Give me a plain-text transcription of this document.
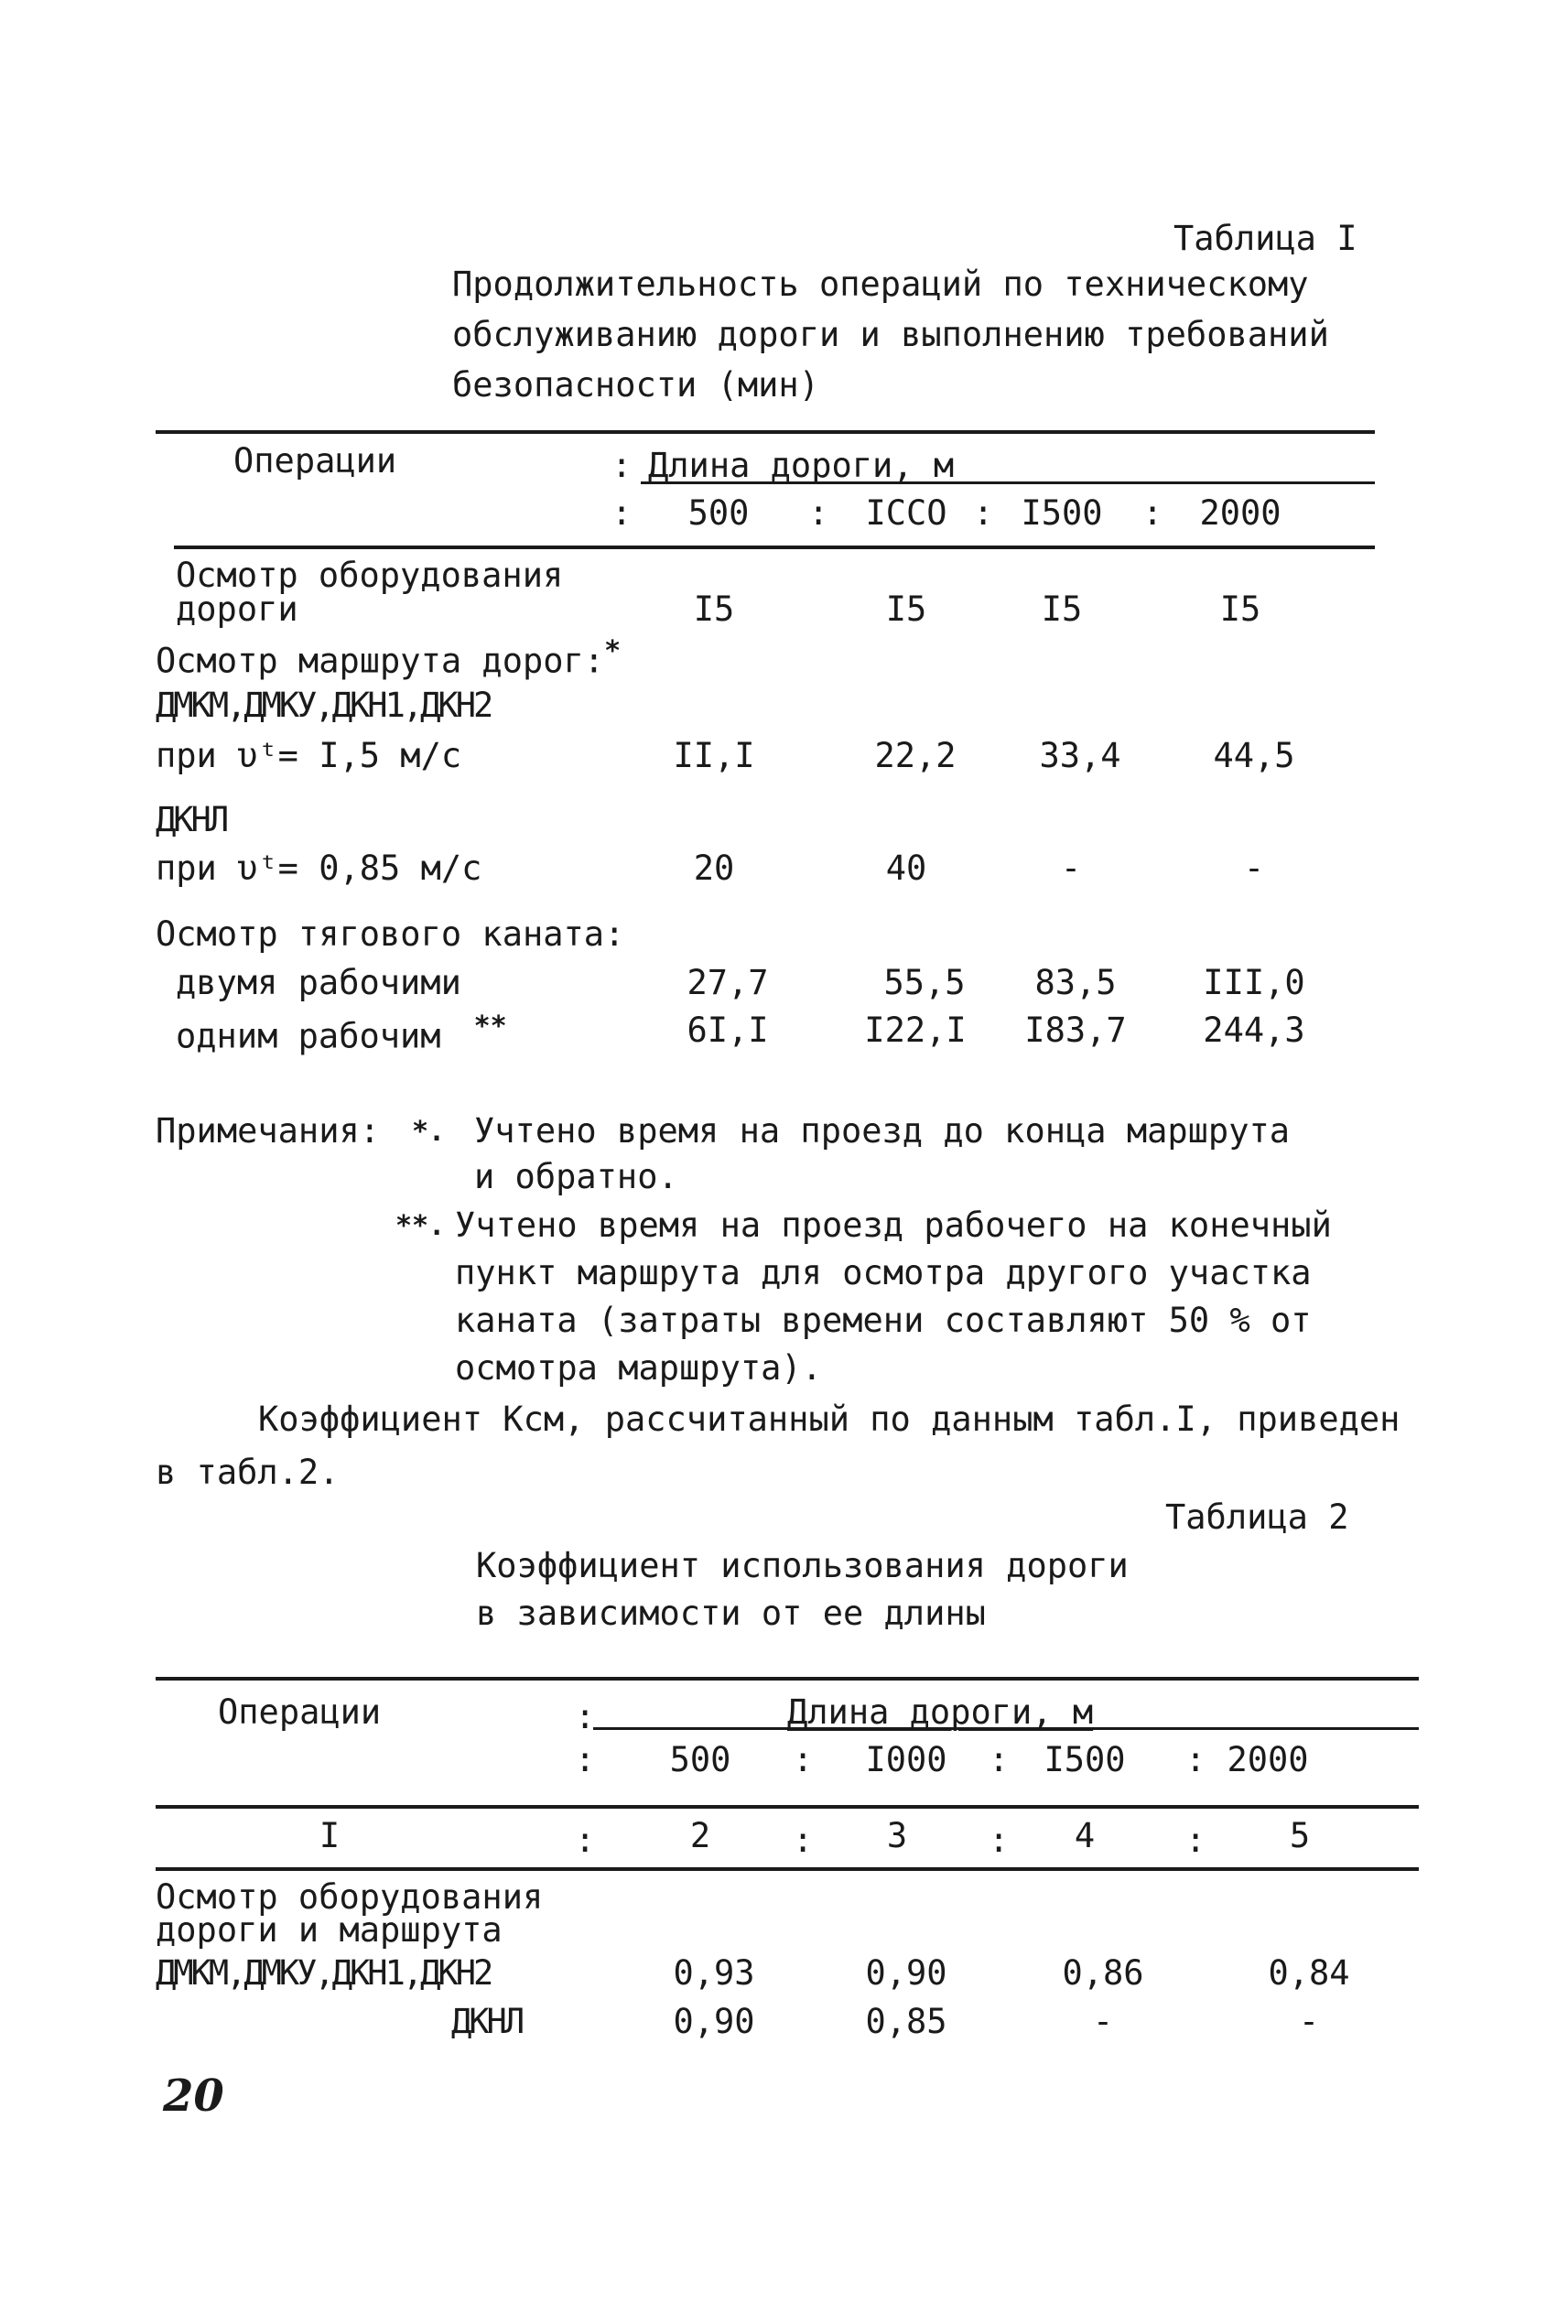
Таблица I
Продолжительность операций по техническому
обслуживанию дороги и выполнению требований
безопасности (мин)
Операции	: Длина дороги, м
:	500	:	ICCO : I500	:	2000
Осмотр оборудования
дороги	I5	I5	I5	I5
Осмотр маршрута дорог:*
ДМКМ,ДМКУ,ДКН1,ДКН2
при υᵗ= I,5 м/с	II,I	22,2	33,4	44,5
ДКНЛ
при υᵗ= 0,85 м/с	20	40	-	-
Осмотр тягового каната:
двумя рабочими	27,7	55,5	83,5	III,0
одним рабочим **	6I,I	I22,I I83,7	244,3
Примечания: *. Учтено время на проезд до конца маршрута
и обратно.
**. Учтено время на проезд рабочего на конечный
пункт маршрута для осмотра другого участка
каната (затраты времени составляют 50 % от
осмотра маршрута).
Коэффициент Ксм, рассчитанный по данным табл.I, приведен
в табл.2.
Таблица 2
Коэффициент использования дороги
в зависимости от ее длины
Операции	:	Длина дороги, м
:	500	:	I000	:	I500	: 2000
I	:	2	:	3	:	4	:	5
Осмотр оборудования
дороги и маршрута
ДМКМ,ДМКУ,ДКН1,ДКН2	0,93	0,90	0,86	0,84
ДКНЛ	0,90	0,85	-	-
20
